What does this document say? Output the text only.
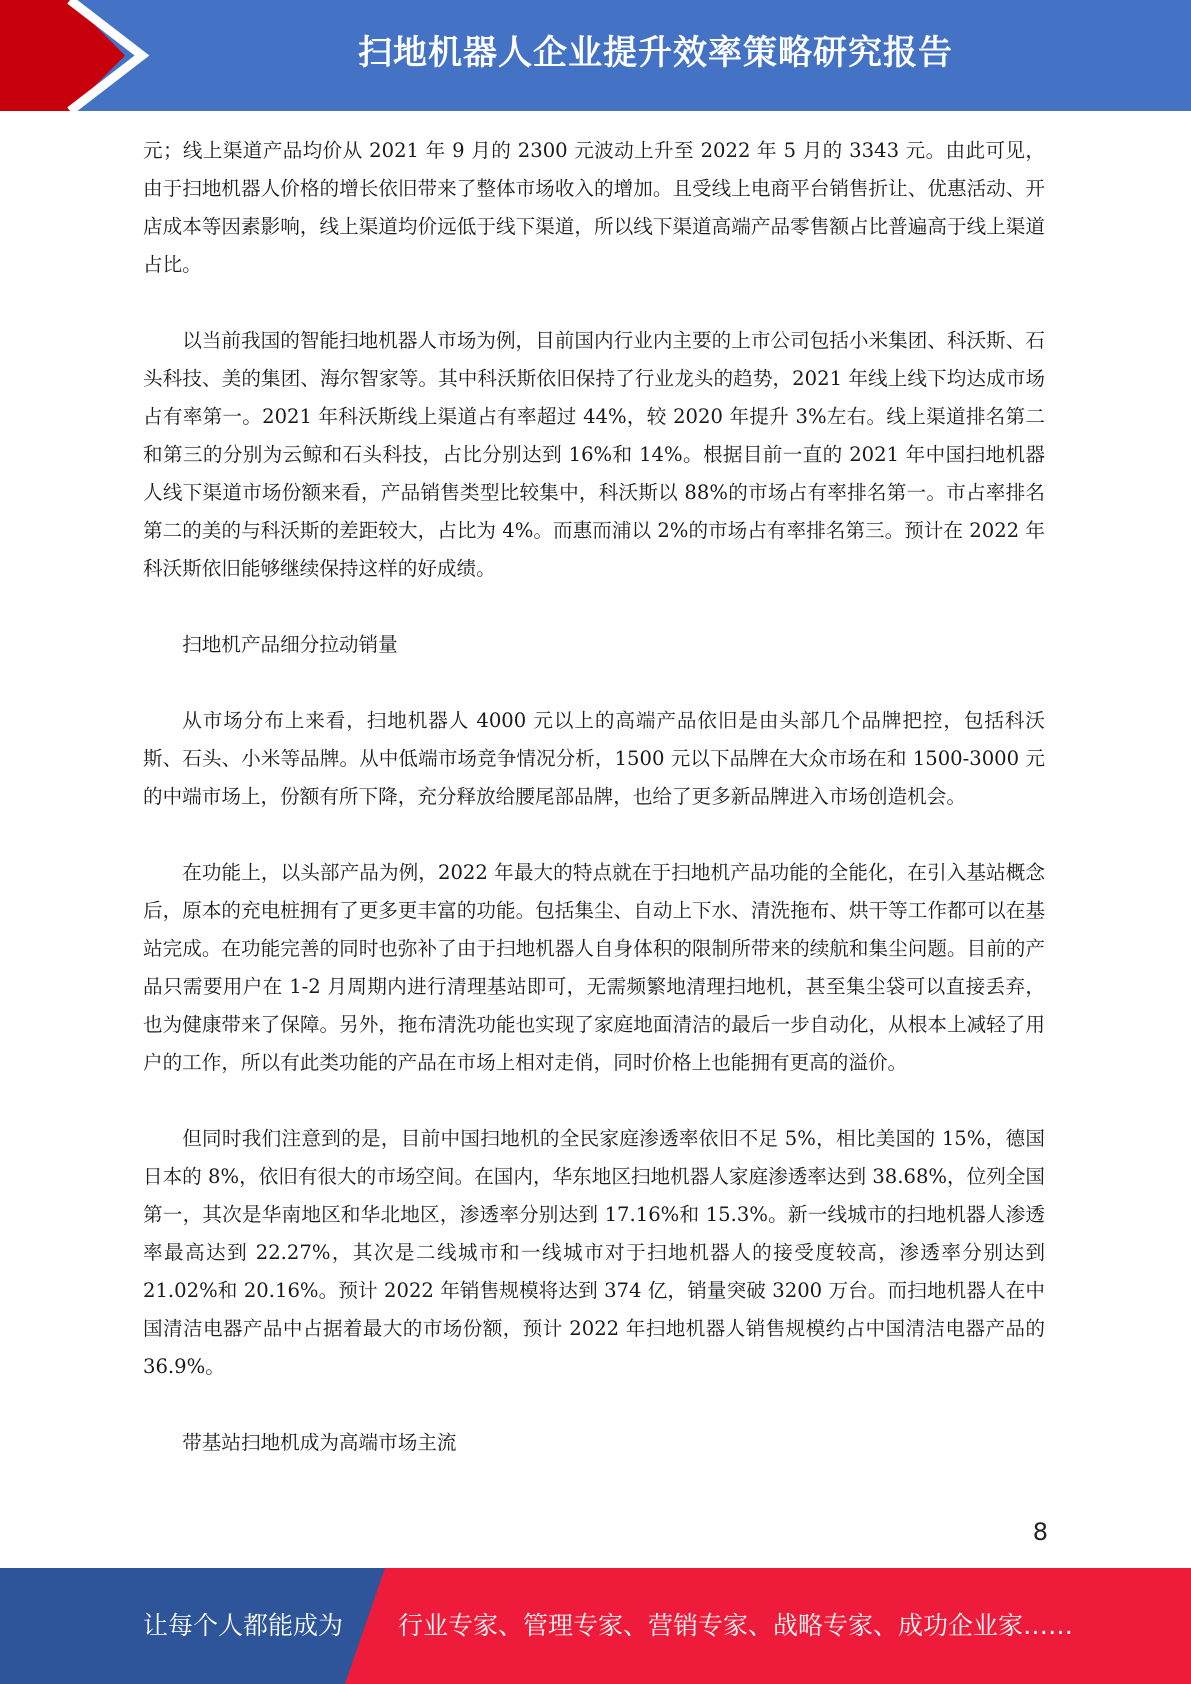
扫地机器人企业提升效率策略研究报告

元；线上渠道产品均价从 2021 年 9 月的 2300 元波动上升至 2022 年 5 月的 3343 元。由此可见，由于扫地机器人价格的增长依旧带来了整体市场收入的增加。且受线上电商平台销售折让、优惠活动、开店成本等因素影响，线上渠道均价远低于线下渠道，所以线下渠道高端产品零售额占比普遍高于线上渠道占比。

以当前我国的智能扫地机器人市场为例，目前国内行业内主要的上市公司包括小米集团、科沃斯、石头科技、美的集团、海尔智家等。其中科沃斯依旧保持了行业龙头的趋势，2021 年线上线下均达成市场占有率第一。2021 年科沃斯线上渠道占有率超过 44%，较 2020 年提升 3%左右。线上渠道排名第二和第三的分别为云鲸和石头科技，占比分别达到 16%和 14%。根据目前一直的 2021 年中国扫地机器人线下渠道市场份额来看，产品销售类型比较集中，科沃斯以 88%的市场占有率排名第一。市占率排名第二的美的与科沃斯的差距较大，占比为 4%。而惠而浦以 2%的市场占有率排名第三。预计在 2022 年科沃斯依旧能够继续保持这样的好成绩。

扫地机产品细分拉动销量

从市场分布上来看，扫地机器人 4000 元以上的高端产品依旧是由头部几个品牌把控，包括科沃斯、石头、小米等品牌。从中低端市场竞争情况分析，1500 元以下品牌在大众市场在和 1500-3000 元的中端市场上，份额有所下降，充分释放给腰尾部品牌，也给了更多新品牌进入市场创造机会。

在功能上，以头部产品为例，2022 年最大的特点就在于扫地机产品功能的全能化，在引入基站概念后，原本的充电桩拥有了更多更丰富的功能。包括集尘、自动上下水、清洗拖布、烘干等工作都可以在基站完成。在功能完善的同时也弥补了由于扫地机器人自身体积的限制所带来的续航和集尘问题。目前的产品只需要用户在 1-2 月周期内进行清理基站即可，无需频繁地清理扫地机，甚至集尘袋可以直接丢弃，也为健康带来了保障。另外，拖布清洗功能也实现了家庭地面清洁的最后一步自动化，从根本上减轻了用户的工作，所以有此类功能的产品在市场上相对走俏，同时价格上也能拥有更高的溢价。

但同时我们注意到的是，目前中国扫地机的全民家庭渗透率依旧不足 5%，相比美国的 15%，德国日本的 8%，依旧有很大的市场空间。在国内，华东地区扫地机器人家庭渗透率达到 38.68%，位列全国第一，其次是华南地区和华北地区，渗透率分别达到 17.16%和 15.3%。新一线城市的扫地机器人渗透率最高达到 22.27%，其次是二线城市和一线城市对于扫地机器人的接受度较高，渗透率分别达到 21.02%和 20.16%。预计 2022 年销售规模将达到 374 亿，销量突破 3200 万台。而扫地机器人在中国清洁电器产品中占据着最大的市场份额，预计 2022 年扫地机器人销售规模约占中国清洁电器产品的 36.9%。

带基站扫地机成为高端市场主流

8
让每个人都能成为 行业专家、管理专家、营销专家、战略专家、成功企业家……
